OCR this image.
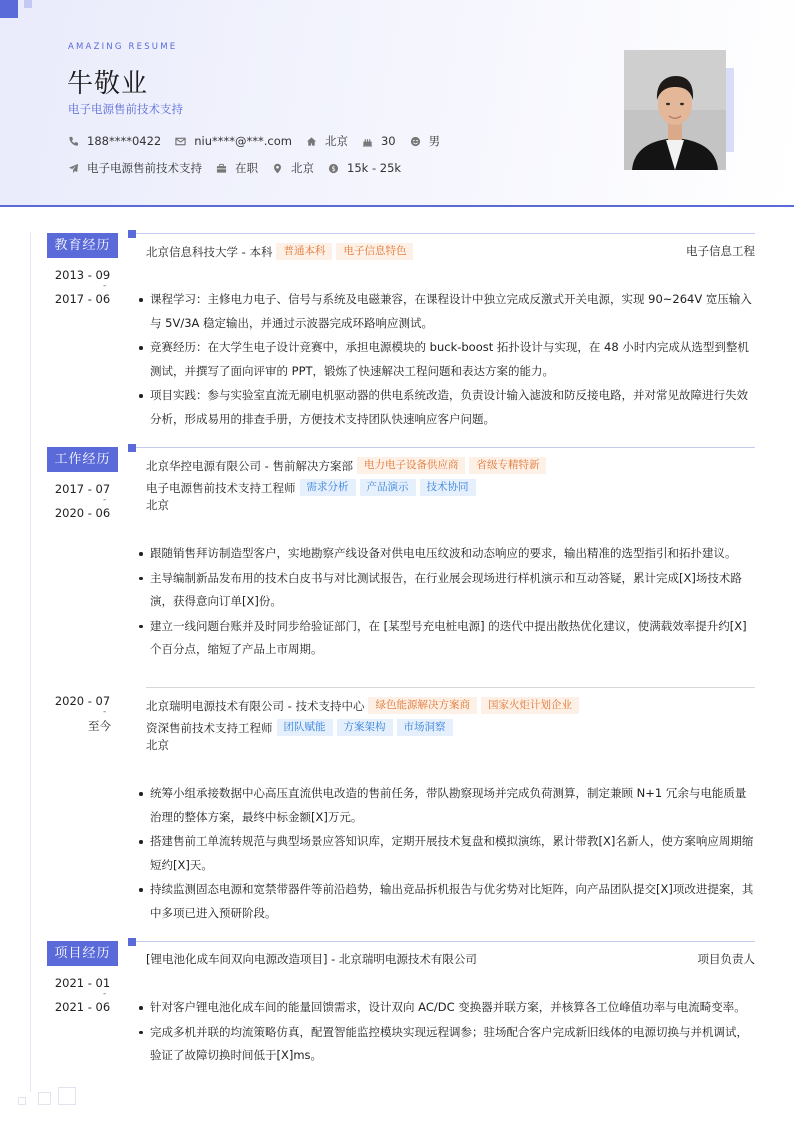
AMAZING RESUME
牛敬业
电子电源售前技术支持
188****0422	niu****@***.com	北京	30	男
电子电源售前技术支持	在职	北京 $ 15k - 25k
教育经历
2013 - 09
-
2017 - 06
北京信息科技大学 - 本科	普通本科	电子信息特色	电子信息工程
课程学习：主修电力电子、信号与系统及电磁兼容，在课程设计中独立完成反激式开关电源，实现 90~264V 宽压输入与 5V/3A 稳定输出，并通过示波器完成环路响应测试。
竞赛经历：在大学生电子设计竞赛中，承担电源模块的 buck-boost 拓扑设计与实现，在 48 小时内完成从选型到整机测试，并撰写了面向评审的 PPT，锻炼了快速解决工程问题和表达方案的能力。
项目实践：参与实验室直流无刷电机驱动器的供电系统改造，负责设计输入滤波和防反接电路，并对常见故障进行失效分析，形成易用的排查手册，方便技术支持团队快速响应客户问题。
工作经历
2017 - 07
-
2020 - 06
北京华控电源有限公司 - 售前解决方案部	电力电子设备供应商	省级专精特新
电子电源售前技术支持工程师	需求分析	产品演示	技术协同
北京
跟随销售拜访制造型客户，实地勘察产线设备对供电电压纹波和动态响应的要求，输出精准的选型指引和拓扑建议。
主导编制新品发布用的技术白皮书与对比测试报告，在行业展会现场进行样机演示和互动答疑，累计完成[X]场技术路演，获得意向订单[X]份。
建立一线问题台账并及时同步给验证部门，在 [某型号充电桩电源] 的迭代中提出散热优化建议，使满载效率提升约[X]个百分点，缩短了产品上市周期。
2020 - 07
-
至今
北京瑞明电源技术有限公司 - 技术支持中心	绿色能源解决方案商	国家火炬计划企业
资深售前技术支持工程师	团队赋能	方案架构	市场洞察
北京
统筹小组承接数据中心高压直流供电改造的售前任务，带队勘察现场并完成负荷测算，制定兼顾 N+1 冗余与电能质量治理的整体方案，最终中标金额[X]万元。
搭建售前工单流转规范与典型场景应答知识库，定期开展技术复盘和模拟演练，累计带教[X]名新人，使方案响应周期缩短约[X]天。
持续监测固态电源和宽禁带器件等前沿趋势，输出竞品拆机报告与优劣势对比矩阵，向产品团队提交[X]项改进提案，其中多项已进入预研阶段。
项目经历
2021 - 01
-
2021 - 06
[锂电池化成车间双向电源改造项目] - 北京瑞明电源技术有限公司	项目负责人
针对客户锂电池化成车间的能量回馈需求，设计双向 AC/DC 变换器并联方案，并核算各工位峰值功率与电流畸变率。
完成多机并联的均流策略仿真，配置智能监控模块实现远程调参；驻场配合客户完成新旧线体的电源切换与并机调试，验证了故障切换时间低于[X]ms。
